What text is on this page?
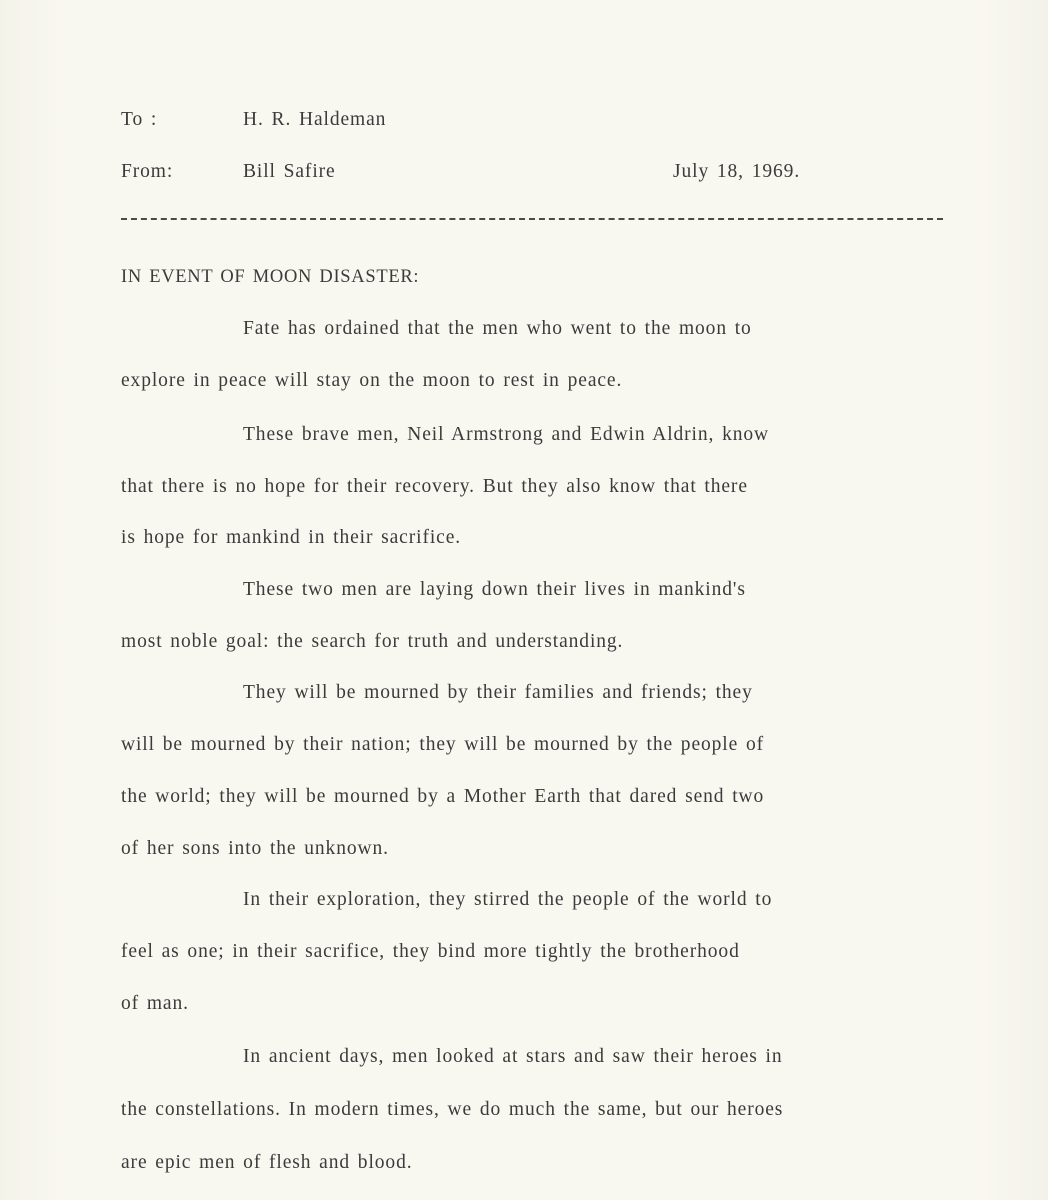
To :	H. R. Haldeman
From:	Bill Safire	July 18, 1969.
IN EVENT OF MOON DISASTER:
Fate has ordained that the men who went to the moon to
explore in peace will stay on the moon to rest in peace.
These brave men, Neil Armstrong and Edwin Aldrin, know
that there is no hope for their recovery. But they also know that there
is hope for mankind in their sacrifice.
These two men are laying down their lives in mankind's
most noble goal: the search for truth and understanding.
They will be mourned by their families and friends; they
will be mourned by their nation; they will be mourned by the people of
the world; they will be mourned by a Mother Earth that dared send two
of her sons into the unknown.
In their exploration, they stirred the people of the world to
feel as one; in their sacrifice, they bind more tightly the brotherhood
of man.
In ancient days, men looked at stars and saw their heroes in
the constellations. In modern times, we do much the same, but our heroes
are epic men of flesh and blood.
